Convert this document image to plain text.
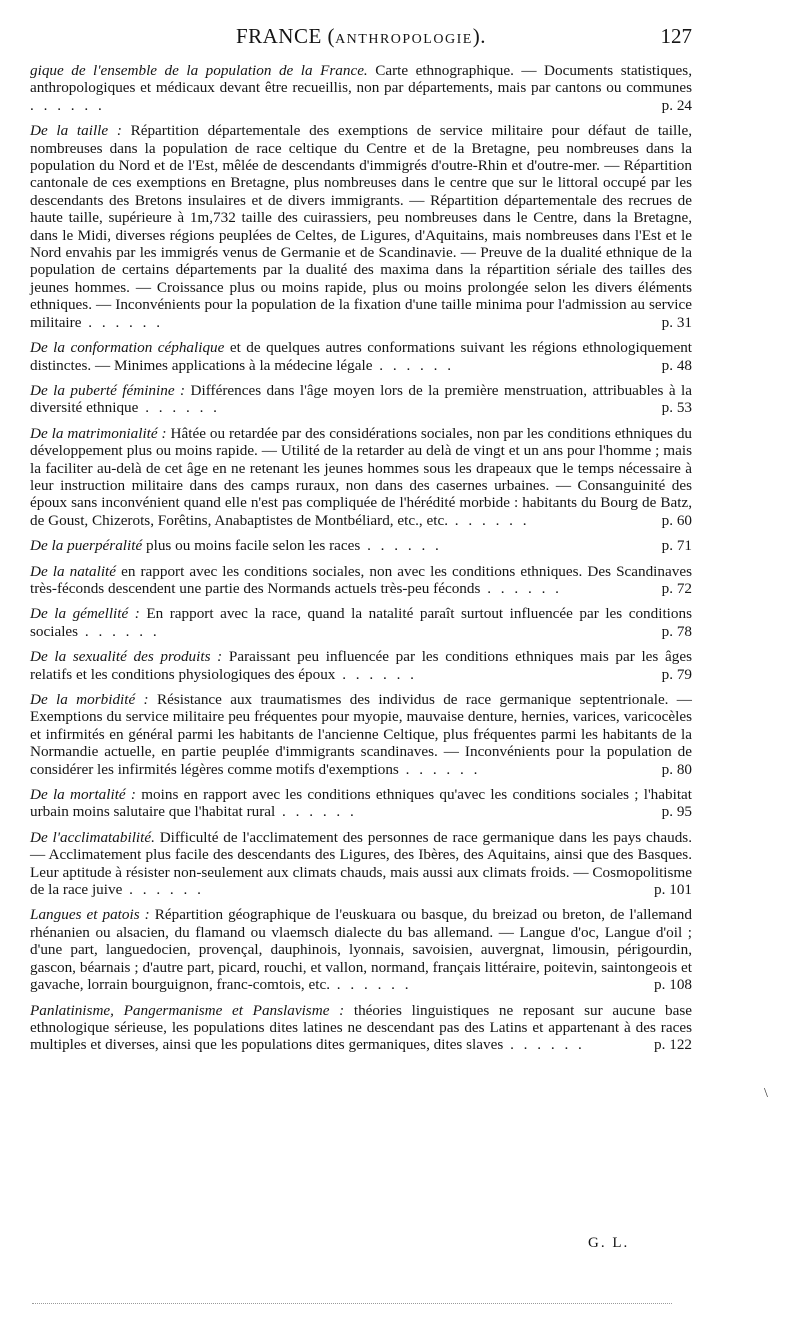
FRANCE (ANTHROPOLOGIE).	127
gique de l'ensemble de la population de la France. Carte ethnographique. — Documents statistiques, anthropologiques et médicaux devant être recueillis, non par départements, mais par cantons ou communes . . . . . .	p. 24
De la taille : Répartition départementale des exemptions de service militaire pour défaut de taille, nombreuses dans la population de race celtique du Centre et de la Bretagne, peu nombreuses dans la population du Nord et de l'Est, mêlée de descendants d'immigrés d'outre-Rhin et d'outre-mer. — Répartition cantonale de ces exemptions en Bretagne, plus nombreuses dans le centre que sur le littoral occupé par les descendants des Bretons insulaires et de divers immigrants. — Répartition départementale des recrues de haute taille, supérieure à 1m,732 taille des cuirassiers, peu nombreuses dans le Centre, dans la Bretagne, dans le Midi, diverses régions peuplées de Celtes, de Ligures, d'Aquitains, mais nombreuses dans l'Est et le Nord envahis par les immigrés venus de Germanie et de Scandinavie. — Preuve de la dualité ethnique de la population de certains départements par la dualité des maxima dans la répartition sériale des tailles des jeunes hommes. — Croissance plus ou moins rapide, plus ou moins prolongée selon les divers éléments ethniques. — Inconvénients pour la population de la fixation d'une taille minima pour l'admission au service militaire . . . . . .	p. 31
De la conformation céphalique et de quelques autres conformations suivant les régions ethnologiquement distinctes. — Minimes applications à la médecine légale . . . . . .	p. 48
De la puberté féminine : Différences dans l'âge moyen lors de la première menstruation, attribuables à la diversité ethnique . . . . . .	p. 53
De la matrimonialité : Hâtée ou retardée par des considérations sociales, non par les conditions ethniques du développement plus ou moins rapide. — Utilité de la retarder au delà de vingt et un ans pour l'homme ; mais la faciliter au-delà de cet âge en ne retenant les jeunes hommes sous les drapeaux que le temps nécessaire à leur instruction militaire dans des camps ruraux, non dans des casernes urbaines. — Consanguinité des époux sans inconvénient quand elle n'est pas compliquée de l'hérédité morbide : habitants du Bourg de Batz, de Goust, Chizerots, Forêtins, Anabaptistes de Montbéliard, etc., etc. . . . . . .	p. 60
De la puerpéralité plus ou moins facile selon les races . . . . . .	p. 71
De la natalité en rapport avec les conditions sociales, non avec les conditions ethniques. Des Scandinaves très-féconds descendent une partie des Normands actuels très-peu féconds . . . . . .	p. 72
De la gémellité : En rapport avec la race, quand la natalité paraît surtout influencée par les conditions sociales . . . . . .	p. 78
De la sexualité des produits : Paraissant peu influencée par les conditions ethniques mais par les âges relatifs et les conditions physiologiques des époux . . . . . .	p. 79
De la morbidité : Résistance aux traumatismes des individus de race germanique septentrionale. — Exemptions du service militaire peu fréquentes pour myopie, mauvaise denture, hernies, varices, varicocèles et infirmités en général parmi les habitants de l'ancienne Celtique, plus fréquentes parmi les habitants de la Normandie actuelle, en partie peuplée d'immigrants scandinaves. — Inconvénients pour la population de considérer les infirmités légères comme motifs d'exemptions . . . . . .	p. 80
De la mortalité : moins en rapport avec les conditions ethniques qu'avec les conditions sociales ; l'habitat urbain moins salutaire que l'habitat rural . . . . . .	p. 95
De l'acclimatabilité. Difficulté de l'acclimatement des personnes de race germanique dans les pays chauds. — Acclimatement plus facile des descendants des Ligures, des Ibères, des Aquitains, ainsi que des Basques. Leur aptitude à résister non-seulement aux climats chauds, mais aussi aux climats froids. — Cosmopolitisme de la race juive . . . . . .	p. 101
Langues et patois : Répartition géographique de l'euskuara ou basque, du breizad ou breton, de l'allemand rhénanien ou alsacien, du flamand ou vlaemsch dialecte du bas allemand. — Langue d'oc, Langue d'oil ; d'une part, languedocien, provençal, dauphinois, lyonnais, savoisien, auvergnat, limousin, périgourdin, gascon, béarnais ; d'autre part, picard, rouchi, et vallon, normand, français littéraire, poitevin, saintongeois et gavache, lorrain bourguignon, franc-comtois, etc. . . . . . .	p. 108
Panlatinisme, Pangermanisme et Panslavisme : théories linguistiques ne reposant sur aucune base ethnologique sérieuse, les populations dites latines ne descendant pas des Latins et appartenant à des races multiples et diverses, ainsi que les populations dites germaniques, dites slaves . . . . . .	p. 122
G. L.
\
